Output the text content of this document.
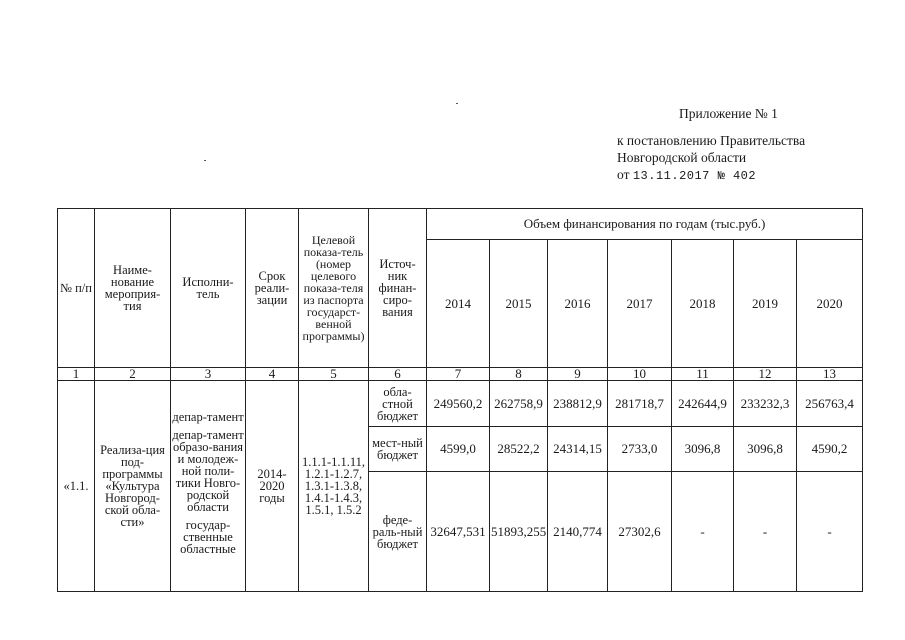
Приложение № 1
к постановлению Правительства
Новгородской области
от 13.11.2017 № 402
№ п/п	Наиме-нование мероприя-тия	Исполни-тель	Срок реали-зации	Целевой показа-тель (номер целевого показа-теля из паспорта государст-венной программы)	Источ-ник финан-сиро-вания	Объем финансирования по годам (тыс.руб.)						
						2014	2015	2016	2017	2018	2019	2020
1	2	3	4	5	6	7	8	9	10	11	12	13
«1.1.	Реализа-ция под-программы «Культура Новгород-ской обла-сти»	депар-тамент
депар-тамент образо-вания и молодеж-ной поли-тики Новго-родской области
государ-ственные областные	2014-2020 годы	1.1.1-1.1.11, 1.2.1-1.2.7, 1.3.1-1.3.8, 1.4.1-1.4.3, 1.5.1, 1.5.2	обла-стной бюджет	249560,2	262758,9	238812,9	281718,7	242644,9	233232,3	256763,4
					мест-ный бюджет	4599,0	28522,2	24314,15	2733,0	3096,8	3096,8	4590,2
					феде-раль-ный бюджет	32647,531	51893,255	2140,774	27302,6	-	-	-
